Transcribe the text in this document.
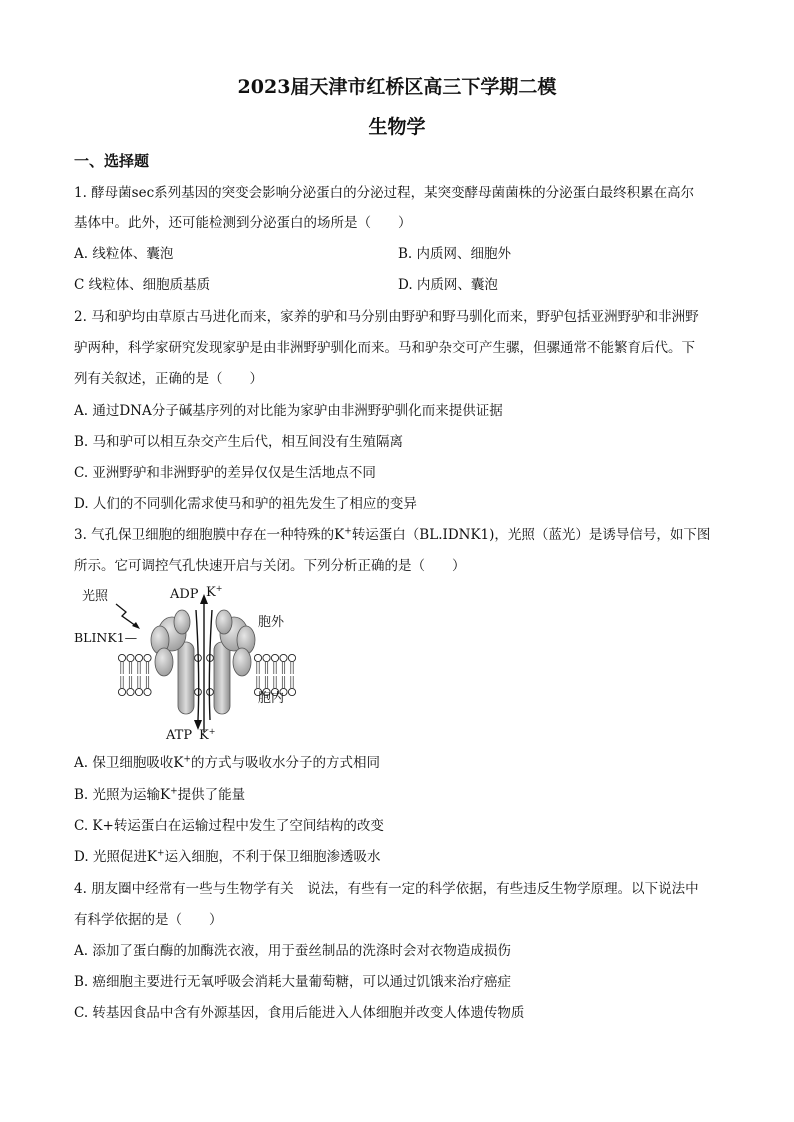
2023届天津市红桥区高三下学期二模
生物学
一、选择题
1. 酵母菌sec系列基因的突变会影响分泌蛋白的分泌过程，某突变酵母菌菌株的分泌蛋白最终积累在高尔
基体中。此外，还可能检测到分泌蛋白的场所是（　　）
A. 线粒体、囊泡	B. 内质网、细胞外
C 线粒体、细胞质基质	D. 内质网、囊泡
2. 马和驴均由草原古马进化而来，家养的驴和马分别由野驴和野马驯化而来，野驴包括亚洲野驴和非洲野
驴两种，科学家研究发现家驴是由非洲野驴驯化而来。马和驴杂交可产生骡，但骡通常不能繁育后代。下
列有关叙述，正确的是（　　）
A. 通过DNA分子碱基序列的对比能为家驴由非洲野驴驯化而来提供证据
B. 马和驴可以相互杂交产生后代，相互间没有生殖隔离
C. 亚洲野驴和非洲野驴的差异仅仅是生活地点不同
D. 人们的不同驯化需求使马和驴的祖先发生了相应的变异
3. 气孔保卫细胞的细胞膜中存在一种特殊的K+转运蛋白（BL.IDNK1)，光照（蓝光）是诱导信号，如下图
所示。它可调控气孔快速开启与关闭。下列分析正确的是（　　）
光照	ADP K+
胞外
BLINK1—
胞内
ATP K+
A. 保卫细胞吸收K+的方式与吸收水分子的方式相同
B. 光照为运输K+提供了能量
C. K+转运蛋白在运输过程中发生了空间结构的改变
D. 光照促进K+运入细胞，不利于保卫细胞渗透吸水
4. 朋友圈中经常有一些与生物学有关　说法，有些有一定的科学依据，有些违反生物学原理。以下说法中
有科学依据的是（　　）
A. 添加了蛋白酶的加酶洗衣液，用于蚕丝制品的洗涤时会对衣物造成损伤
B. 癌细胞主要进行无氧呼吸会消耗大量葡萄糖，可以通过饥饿来治疗癌症
C. 转基因食品中含有外源基因，食用后能进入人体细胞并改变人体遗传物质
